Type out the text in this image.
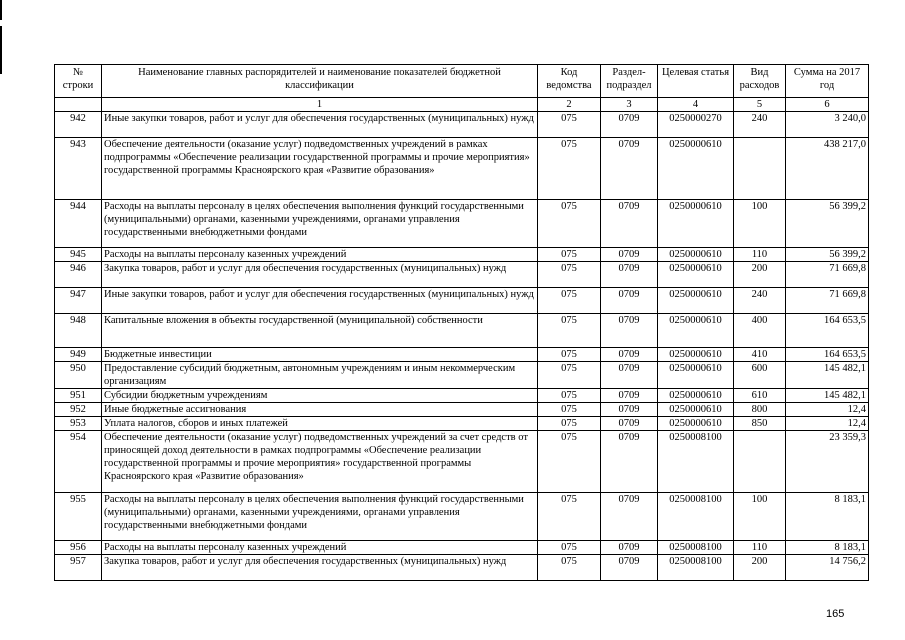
№ строки	Наименование главных распорядителей и наименование показателей бюджетной классификации	Код ведомства	Раздел-подраздел	Целевая статья	Вид расходов	Сумма на 2017 год
	1	2	3	4	5	6
942	Иные закупки товаров, работ и услуг для обеспечения государственных (муниципальных) нужд	075	0709	0250000270	240	3 240,0
943	Обеспечение деятельности (оказание услуг) подведомственных учреждений в рамках подпрограммы «Обеспечение реализации государственной программы и прочие мероприятия» государственной программы Красноярского края «Развитие образования»	075	0709	0250000610		438 217,0
944	Расходы на выплаты персоналу в целях обеспечения выполнения функций государственными (муниципальными) органами, казенными учреждениями, органами управления государственными внебюджетными фондами	075	0709	0250000610	100	56 399,2
945	Расходы на выплаты персоналу казенных учреждений	075	0709	0250000610	110	56 399,2
946	Закупка товаров, работ и услуг для обеспечения государственных (муниципальных) нужд	075	0709	0250000610	200	71 669,8
947	Иные закупки товаров, работ и услуг для обеспечения государственных (муниципальных) нужд	075	0709	0250000610	240	71 669,8
948	Капитальные вложения в объекты государственной (муниципальной) собственности	075	0709	0250000610	400	164 653,5
949	Бюджетные инвестиции	075	0709	0250000610	410	164 653,5
950	Предоставление субсидий бюджетным, автономным учреждениям и иным некоммерческим организациям	075	0709	0250000610	600	145 482,1
951	Субсидии бюджетным учреждениям	075	0709	0250000610	610	145 482,1
952	Иные бюджетные ассигнования	075	0709	0250000610	800	12,4
953	Уплата налогов, сборов и иных платежей	075	0709	0250000610	850	12,4
954	Обеспечение деятельности (оказание услуг) подведомственных учреждений за счет средств от приносящей доход деятельности в рамках подпрограммы «Обеспечение реализации государственной программы и прочие мероприятия» государственной программы Красноярского края «Развитие образования»	075	0709	0250008100		23 359,3
955	Расходы на выплаты персоналу в целях обеспечения выполнения функций государственными (муниципальными) органами, казенными учреждениями, органами управления государственными внебюджетными фондами	075	0709	0250008100	100	8 183,1
956	Расходы на выплаты персоналу казенных учреждений	075	0709	0250008100	110	8 183,1
957	Закупка товаров, работ и услуг для обеспечения государственных (муниципальных) нужд	075	0709	0250008100	200	14 756,2
165
